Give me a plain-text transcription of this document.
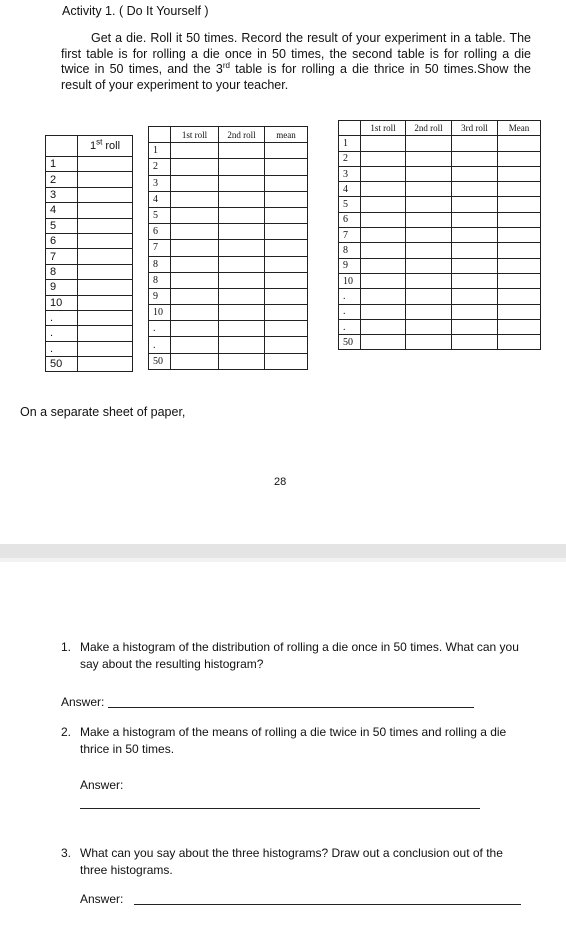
Activity 1. ( Do It Yourself )
Get a die. Roll it 50 times. Record the result of your experiment in a table. The first table is for rolling a die once in 50 times, the second table is for rolling a die twice in 50 times, and the 3rd table is for rolling a die thrice in 50 times.Show the result of your experiment to your teacher.
	1st roll
1	
2	
3	
4	
5	
6	
7	
8	
9	
10	
.	
.	
.	
50	
	1st roll	2nd roll	mean
1			
2			
3			
4			
5			
6			
7			
8			
8			
9			
10			
.			
.			
50			
	1st roll	2nd roll	3rd roll	Mean
1				
2				
3				
4				
5				
6				
7				
8				
9				
10				
.				
.				
.				
50				
On a separate sheet of paper,
28
1. Make a histogram of the distribution of rolling a die once in 50 times. What can you say about the resulting histogram?
Answer:
2. Make a histogram of the means of rolling a die twice in 50 times and rolling a die thrice in 50 times.
Answer:
3. What can you say about the three histograms? Draw out a conclusion out of the three histograms.
Answer:
